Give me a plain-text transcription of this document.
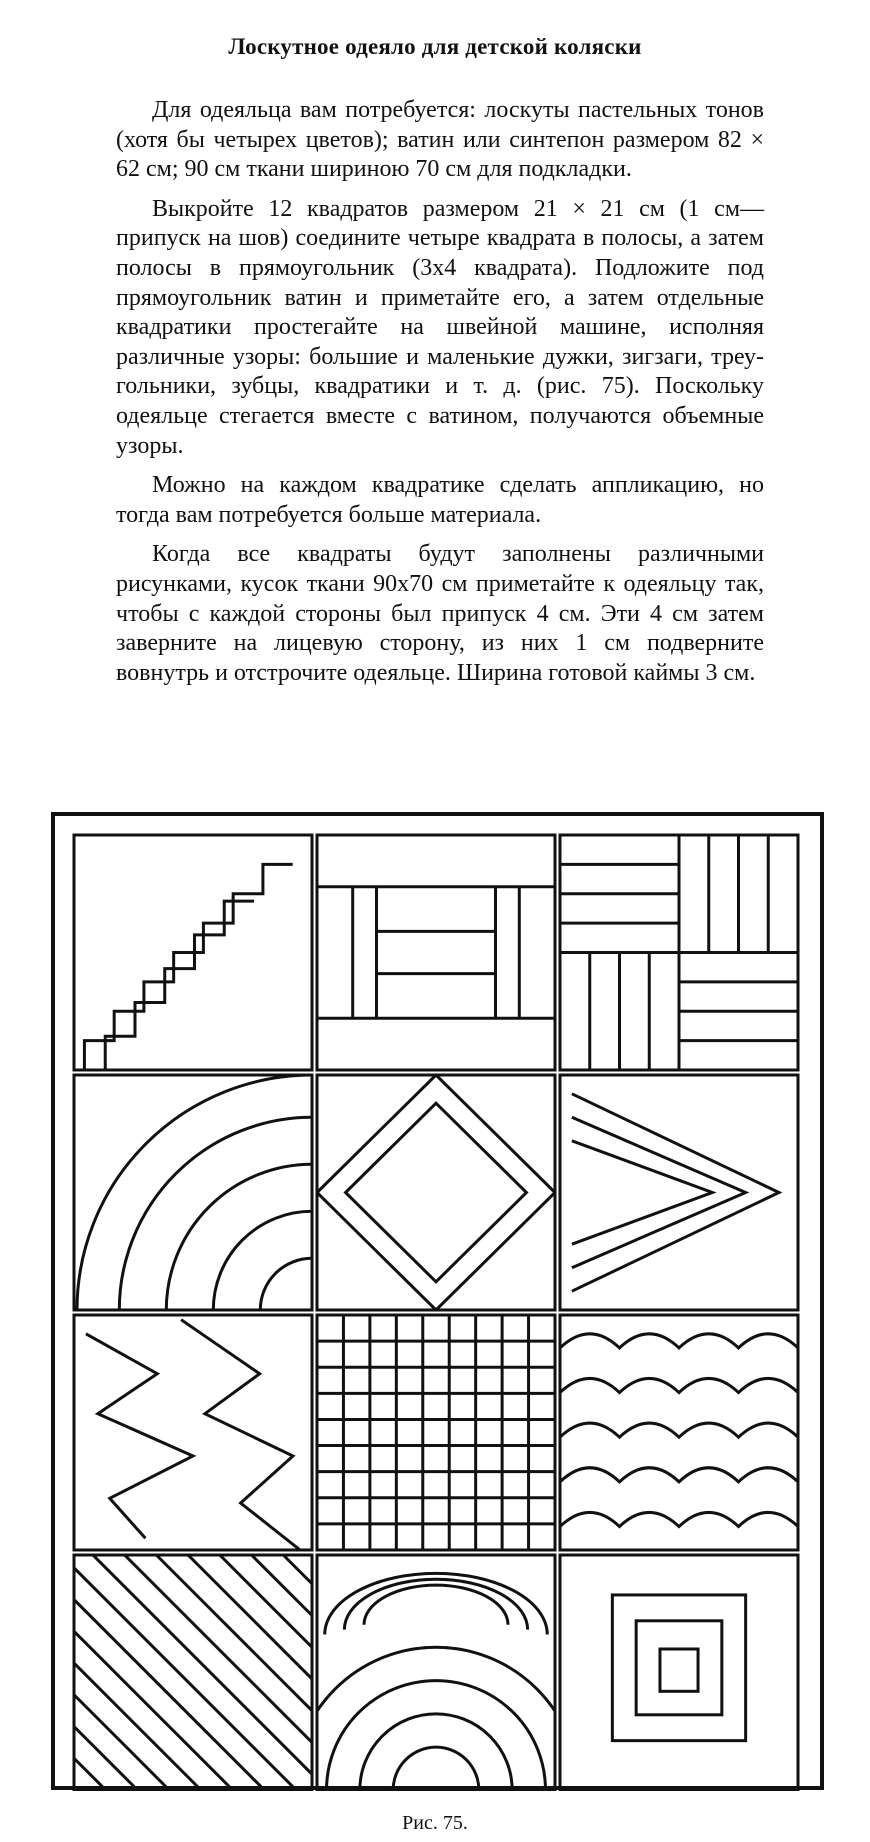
Лоскутное одеяло для детской коляски

Для одеяльца вам потребуется: лоскуты пастельных тонов (хотя бы четырех цветов); ватин или синтепон размером 82 × 62 см; 90 см ткани шириною 70 см для подкладки.

Выкройте 12 квадратов размером 21 × 21 см (1 см— припуск на шов) соедините четыре квадрата в полосы, а затем полосы в прямоугольник (3х4 квадрата). Подложите под прямоугольник ватин и приметайте его, а затем отдельные квадратики простегайте на швейной машине, исполняя различные узоры: большие и маленькие дужки, зигзаги, треугольники, зубцы, квадратики и т. д. (рис. 75). Поскольку одеяльце стегается вместе с ватином, получаются объемные узоры.

Можно на каждом квадратике сделать аппликацию, но тогда вам потребуется больше материала.

Когда все квадраты будут заполнены различными рисунками, кусок ткани 90х70 см приметайте к одеяльцу так, чтобы с каждой стороны был припуск 4 см. Эти 4 см затем заверните на лицевую сторону, из них 1 см подверните вовнутрь и отстрочите одеяльце. Ширина готовой каймы 3 см.

Рис. 75.
